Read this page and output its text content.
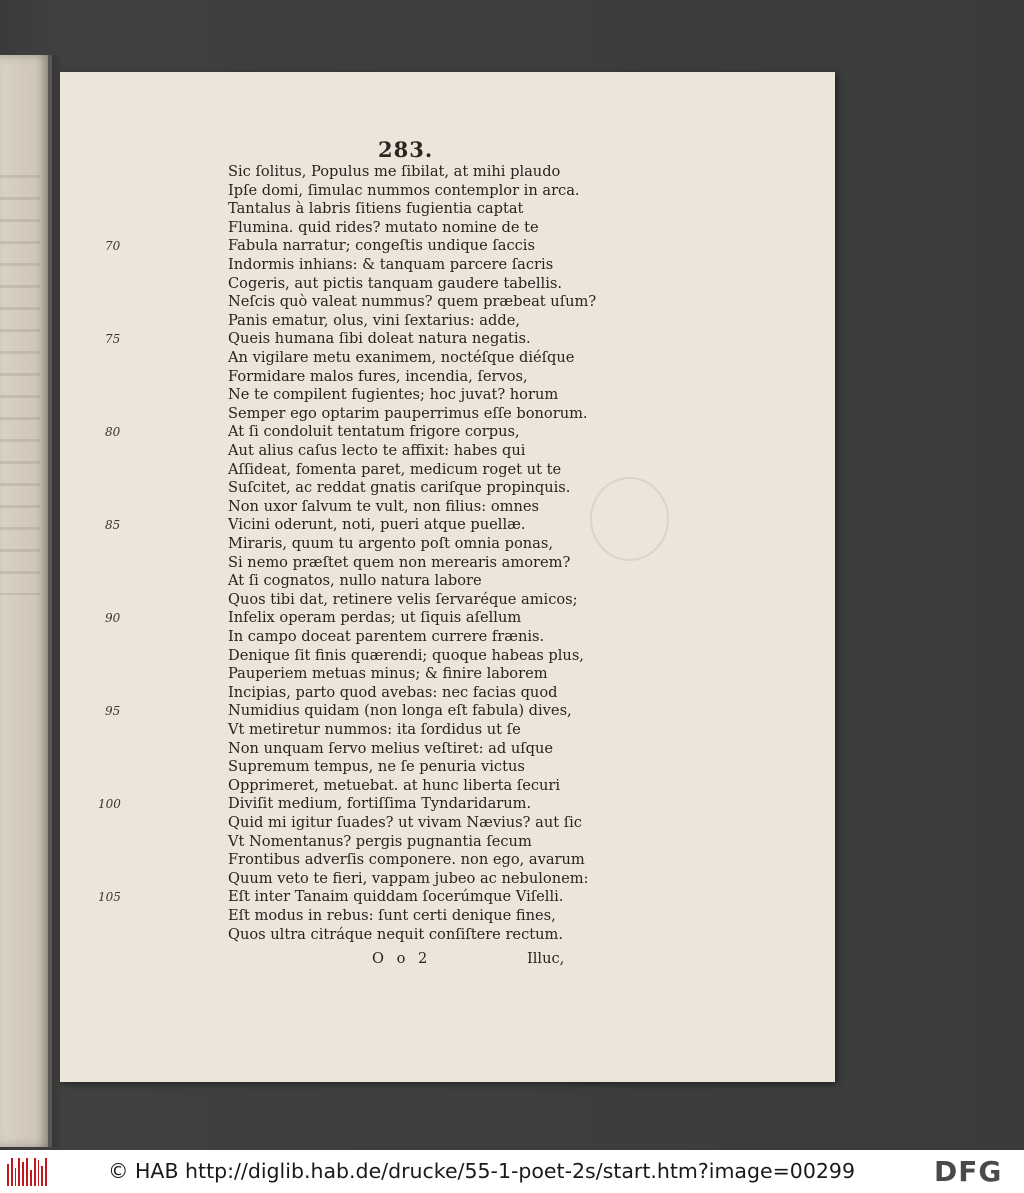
283.
Sic ſolitus, Populus me ſibilat, at mihi plaudo
Ipſe domi, ſimulac nummos contemplor in arca.
Tantalus à labris ſitiens fugientia captat
Flumina. quid rides? mutato nomine de te
Fabula narratur; congeſtis undique ſaccis
Indormis inhians: & tanquam parcere ſacris
Cogeris, aut pictis tanquam gaudere tabellis.
Neſcis quò valeat nummus? quem præbeat uſum?
Panis ematur, olus, vini ſextarius: adde,
Queis humana ſibi doleat natura negatis.
An vigilare metu exanimem, noctéſque diéſque
Formidare malos fures, incendia, ſervos,
Ne te compilent fugientes; hoc juvat? horum
Semper ego optarim pauperrimus eſſe bonorum.
At ſi condoluit tentatum frigore corpus,
Aut alius caſus lecto te affixit: habes qui
Aſſideat, fomenta paret, medicum roget ut te
Suſcitet, ac reddat gnatis cariſque propinquis.
Non uxor ſalvum te vult, non filius: omnes
Vicini oderunt, noti, pueri atque puellæ.
Miraris, quum tu argento poſt omnia ponas,
Si nemo præſtet quem non merearis amorem?
At ſi cognatos, nullo natura labore
Quos tibi dat, retinere velis ſervaréque amicos;
Infelix operam perdas; ut ſiquis aſellum
In campo doceat parentem currere frænis.
Denique ſit finis quærendi; quoque habeas plus,
Pauperiem metuas minus; & finire laborem
Incipias, parto quod avebas: nec facias quod
Numidius quidam (non longa eſt fabula) dives,
Vt metiretur nummos: ita ſordidus ut ſe
Non unquam ſervo melius veſtiret: ad uſque
Supremum tempus, ne ſe penuria victus
Opprimeret, metuebat. at hunc liberta ſecuri
Diviſit medium, fortiſſima Tyndaridarum.
Quid mi igitur ſuades? ut vivam Nævius? aut ſic
Vt Nomentanus? pergis pugnantia ſecum
Frontibus adverſis componere. non ego, avarum
Quum veto te fieri, vappam jubeo ac nebulonem:
Eſt inter Tanaim quiddam ſocerúmque Viſelli.
Eſt modus in rebus: ſunt certi denique fines,
Quos ultra citráque nequit conſiſtere rectum.
70
75
80
85
90
95
100
105
O o 2	Illuc,
© HAB http://diglib.hab.de/drucke/55-1-poet-2s/start.htm?image=00299	DFG
